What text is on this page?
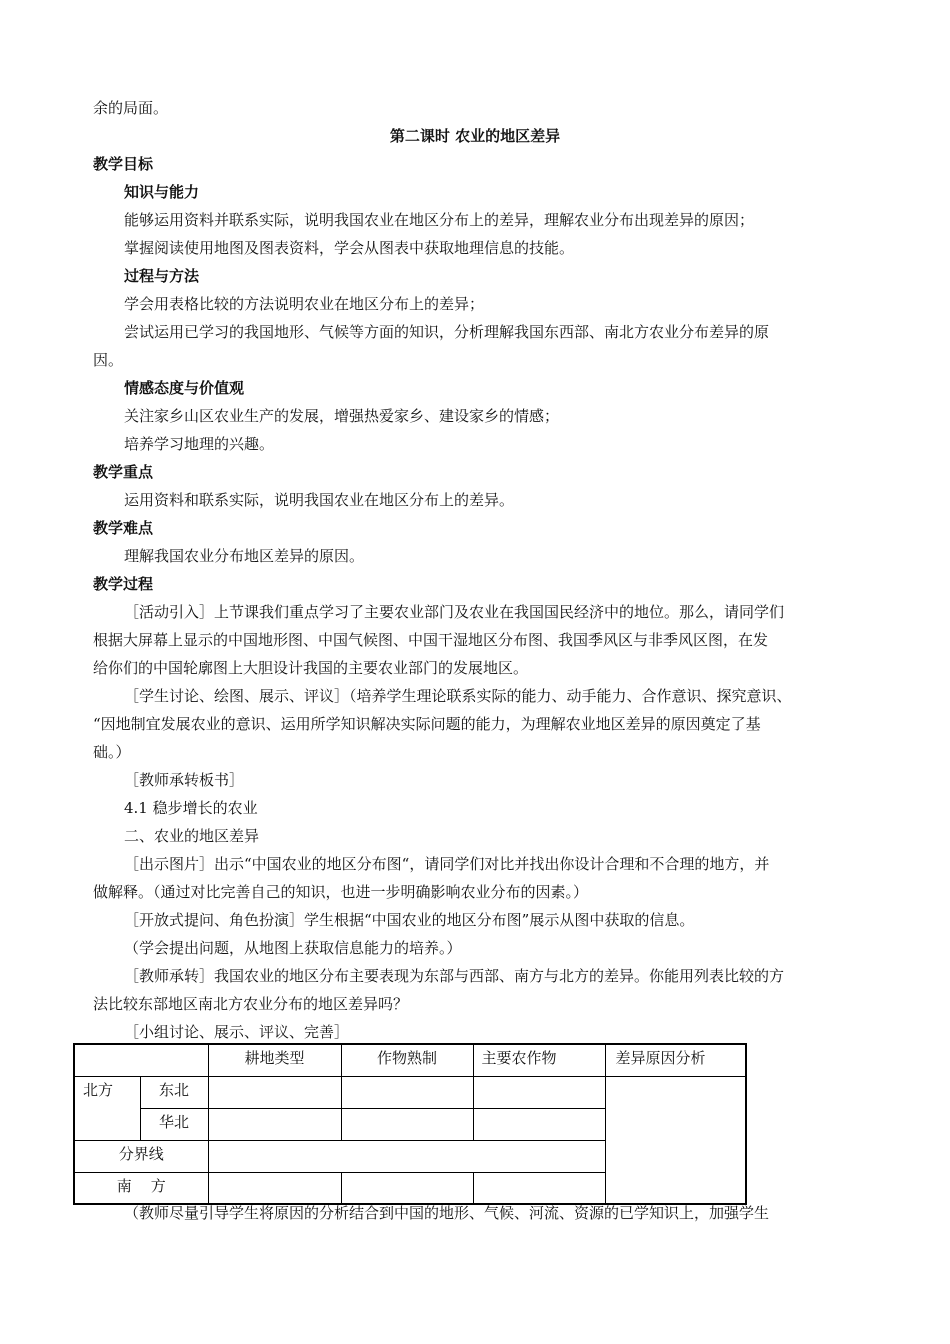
余的局面。
第二课时 农业的地区差异
教学目标
知识与能力
能够运用资料并联系实际，说明我国农业在地区分布上的差异，理解农业分布出现差异的原因；
掌握阅读使用地图及图表资料，学会从图表中获取地理信息的技能。
过程与方法
学会用表格比较的方法说明农业在地区分布上的差异；
尝试运用已学习的我国地形、气候等方面的知识，分析理解我国东西部、南北方农业分布差异的原
因。
情感态度与价值观
关注家乡山区农业生产的发展，增强热爱家乡、建设家乡的情感；
培养学习地理的兴趣。
教学重点
运用资料和联系实际，说明我国农业在地区分布上的差异。
教学难点
理解我国农业分布地区差异的原因。
教学过程
［活动引入］上节课我们重点学习了主要农业部门及农业在我国国民经济中的地位。那么，请同学们
根据大屏幕上显示的中国地形图、中国气候图、中国干湿地区分布图、我国季风区与非季风区图，在发
给你们的中国轮廓图上大胆设计我国的主要农业部门的发展地区。
［学生讨论、绘图、展示、评议］（培养学生理论联系实际的能力、动手能力、合作意识、探究意识、
“因地制宜发展农业的意识、运用所学知识解决实际问题的能力，为理解农业地区差异的原因奠定了基
础。）
［教师承转板书］
4.1 稳步增长的农业
二、农业的地区差异
［出示图片］出示“中国农业的地区分布图“，请同学们对比并找出你设计合理和不合理的地方，并
做解释。（通过对比完善自己的知识，也进一步明确影响农业分布的因素。）
［开放式提问、角色扮演］学生根据“中国农业的地区分布图”展示从图中获取的信息。
（学会提出问题，从地图上获取信息能力的培养。）
［教师承转］我国农业的地区分布主要表现为东部与西部、南方与北方的差异。你能用列表比较的方
法比较东部地区南北方农业分布的地区差异吗？
［小组讨论、展示、评议、完善］

		耕地类型	作物熟制	主要农作物	差异原因分析

北方	东北				

	华北				

分界线					

南    方					

（教师尽量引导学生将原因的分析结合到中国的地形、气候、河流、资源的已学知识上，加强学生
